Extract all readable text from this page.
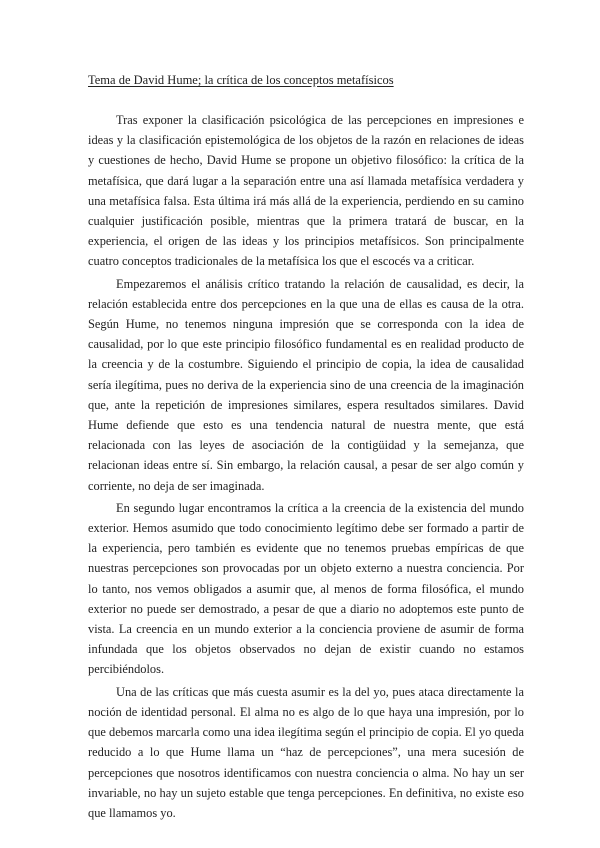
Tema de David Hume; la crítica de los conceptos metafísicos

Tras exponer la clasificación psicológica de las percepciones en impresiones e ideas y la clasificación epistemológica de los objetos de la razón en relaciones de ideas y cuestiones de hecho, David Hume se propone un objetivo filosófico: la crítica de la metafísica, que dará lugar a la separación entre una así llamada metafísica verdadera y una metafísica falsa. Esta última irá más allá de la experiencia, perdiendo en su camino cualquier justificación posible, mientras que la primera tratará de buscar, en la experiencia, el origen de las ideas y los principios metafísicos. Son principalmente cuatro conceptos tradicionales de la metafísica los que el escocés va a criticar.

Empezaremos el análisis crítico tratando la relación de causalidad, es decir, la relación establecida entre dos percepciones en la que una de ellas es causa de la otra. Según Hume, no tenemos ninguna impresión que se corresponda con la idea de causalidad, por lo que este principio filosófico fundamental es en realidad producto de la creencia y de la costumbre. Siguiendo el principio de copia, la idea de causalidad sería ilegítima, pues no deriva de la experiencia sino de una creencia de la imaginación que, ante la repetición de impresiones similares, espera resultados similares. David Hume defiende que esto es una tendencia natural de nuestra mente, que está relacionada con las leyes de asociación de la contigüidad y la semejanza, que relacionan ideas entre sí. Sin embargo, la relación causal, a pesar de ser algo común y corriente, no deja de ser imaginada.

En segundo lugar encontramos la crítica a la creencia de la existencia del mundo exterior. Hemos asumido que todo conocimiento legítimo debe ser formado a partir de la experiencia, pero también es evidente que no tenemos pruebas empíricas de que nuestras percepciones son provocadas por un objeto externo a nuestra conciencia. Por lo tanto, nos vemos obligados a asumir que, al menos de forma filosófica, el mundo exterior no puede ser demostrado, a pesar de que a diario no adoptemos este punto de vista. La creencia en un mundo exterior a la conciencia proviene de asumir de forma infundada que los objetos observados no dejan de existir cuando no estamos percibiéndolos.

Una de las críticas que más cuesta asumir es la del yo, pues ataca directamente la noción de identidad personal. El alma no es algo de lo que haya una impresión, por lo que debemos marcarla como una idea ilegítima según el principio de copia. El yo queda reducido a lo que Hume llama un “haz de percepciones”, una mera sucesión de percepciones que nosotros identificamos con nuestra conciencia o alma. No hay un ser invariable, no hay un sujeto estable que tenga percepciones. En definitiva, no existe eso que llamamos yo.
